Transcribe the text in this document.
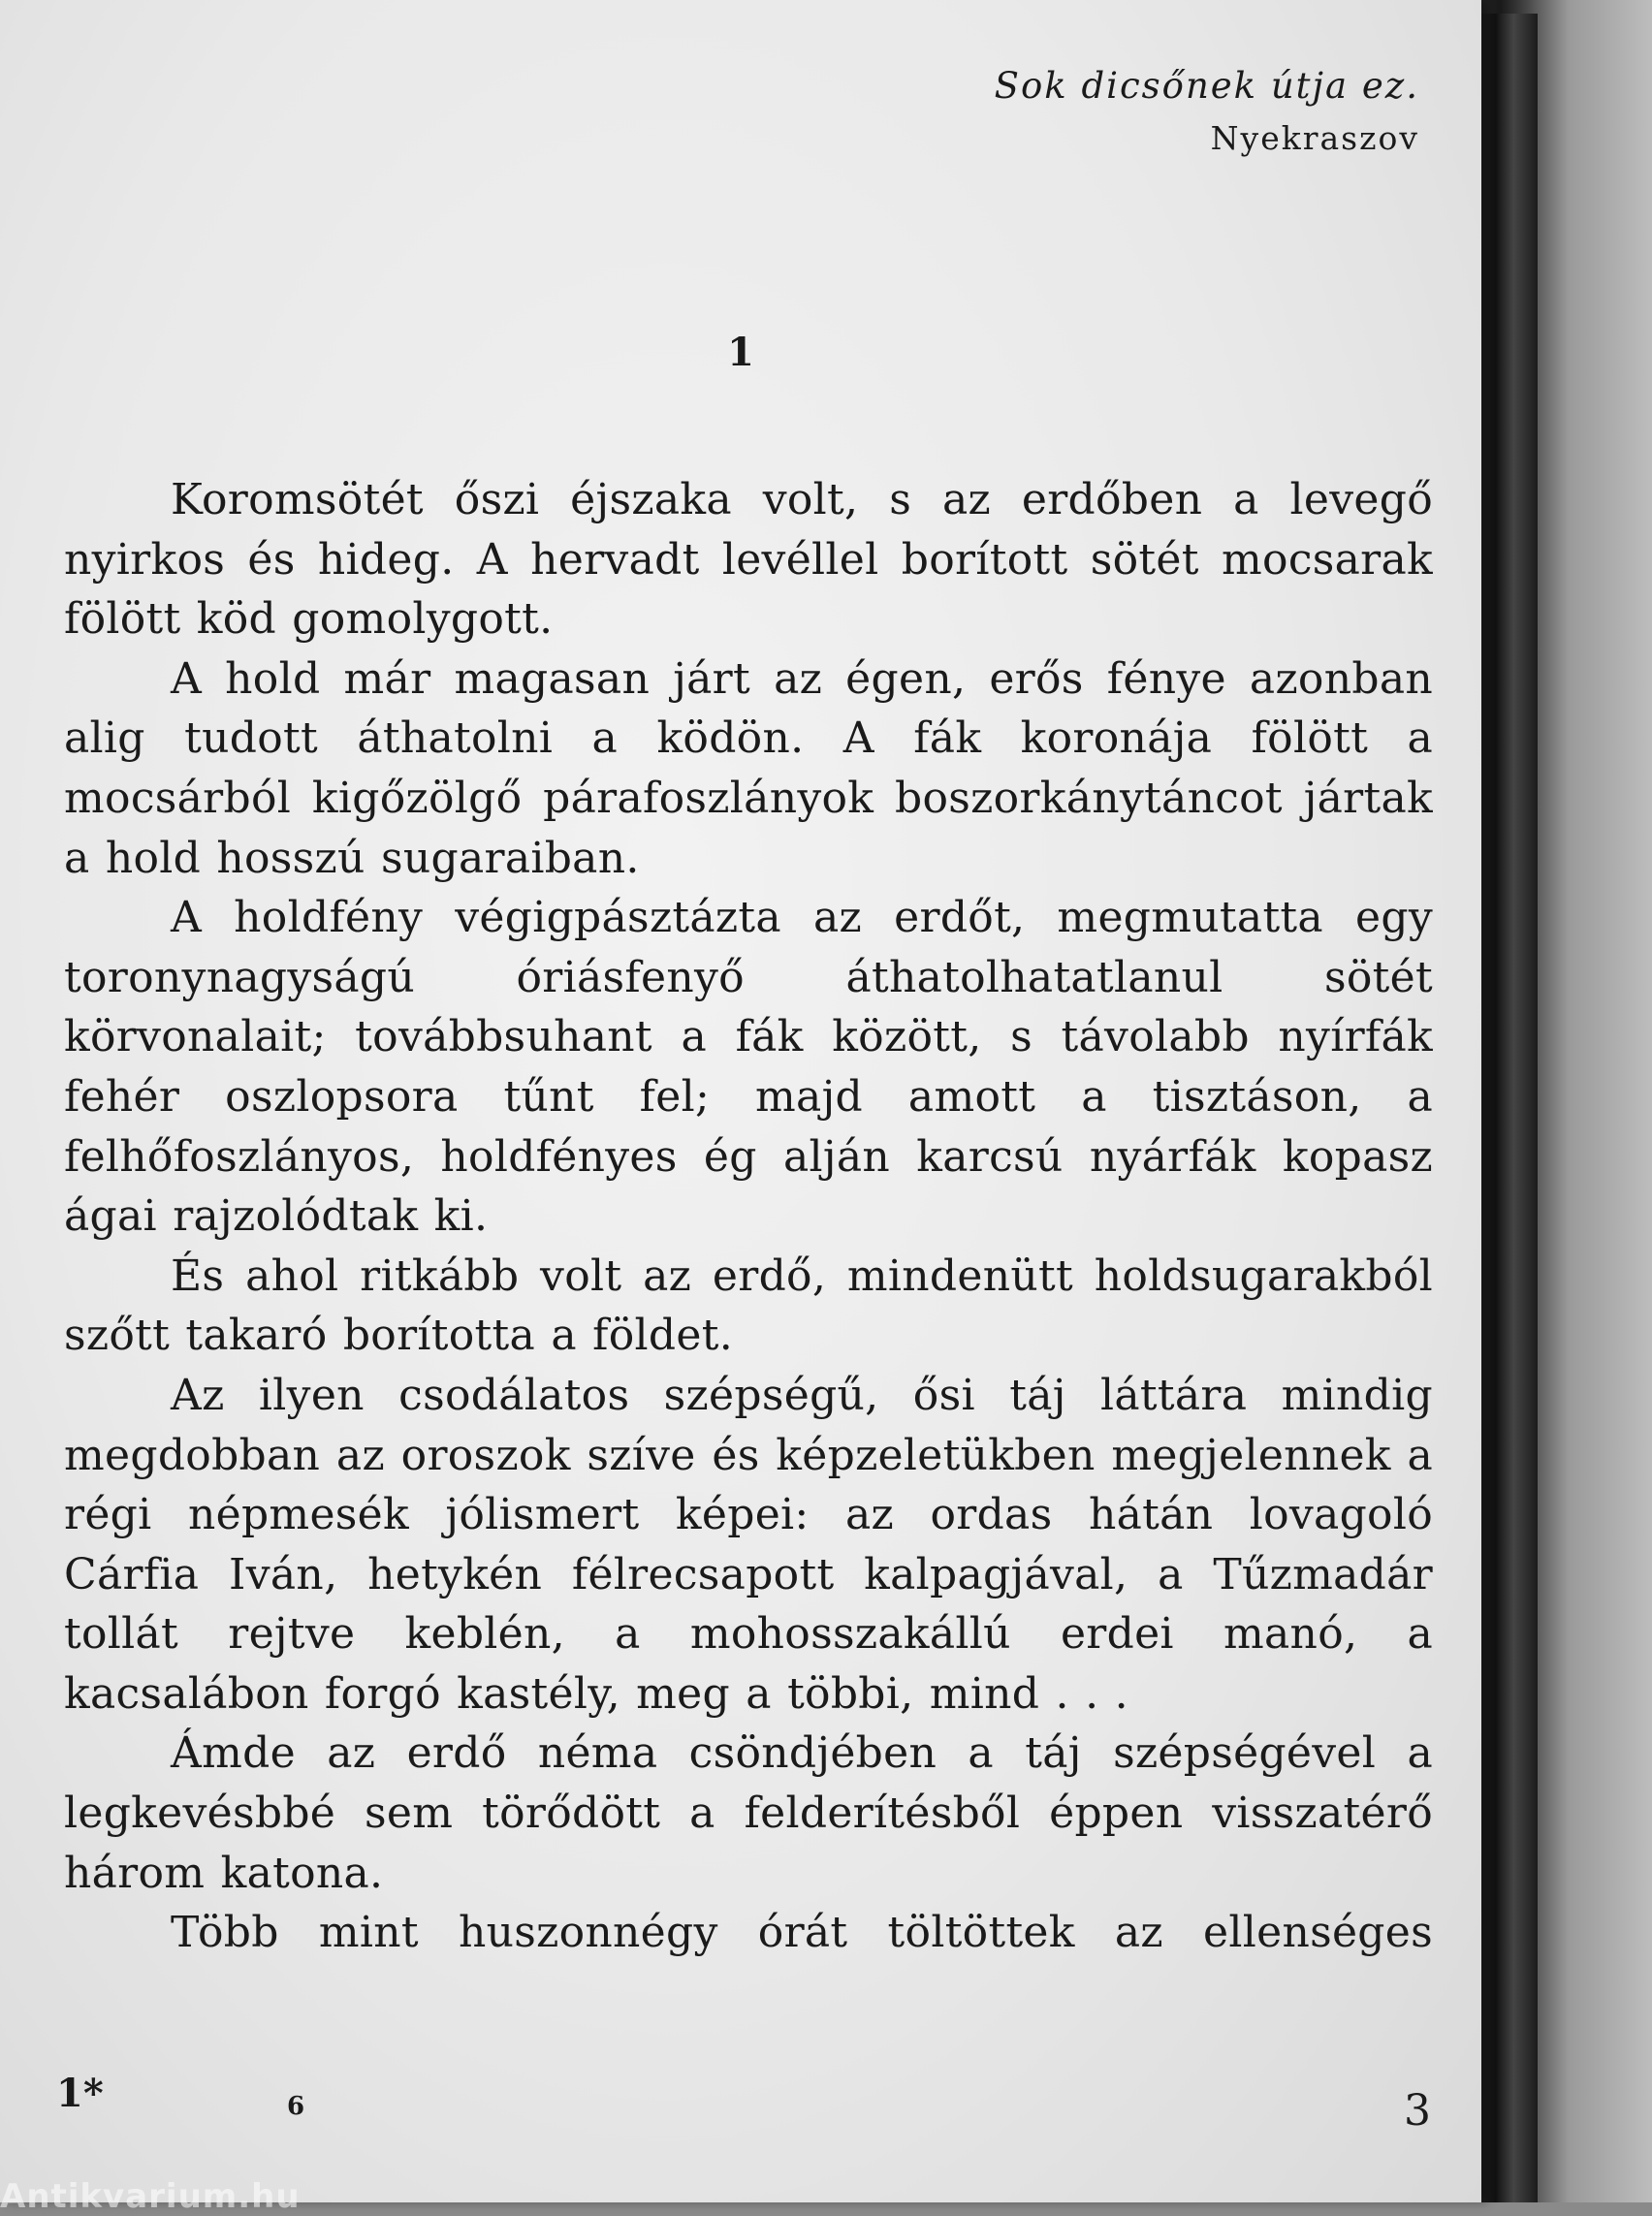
Sok dicsőnek útja ez.
Nyekraszov
1

Koromsötét őszi éjszaka volt, s az erdőben a levegő nyirkos és hideg. A hervadt levéllel borított sötét mocsarak fölött köd gomolygott.

A hold már magasan járt az égen, erős fénye azonban alig tudott áthatolni a ködön. A fák koronája fölött a mocsárból kigőzölgő párafoszlányok boszorkánytáncot jártak a hold hosszú sugaraiban.

A holdfény végigpásztázta az erdőt, megmutatta egy toronynagyságú óriásfenyő áthatolhatatlanul sötét körvonalait; továbbsuhant a fák között, s távolabb nyírfák fehér oszlopsora tűnt fel; majd amott a tisztáson, a felhőfoszlányos, holdfényes ég alján karcsú nyárfák kopasz ágai rajzolódtak ki.

És ahol ritkább volt az erdő, mindenütt holdsugarakból szőtt takaró borította a földet.

Az ilyen csodálatos szépségű, ősi táj láttára mindig megdobban az oroszok szíve és képzeletükben megjelennek a régi népmesék jólismert képei: az ordas hátán lovagoló Cárfia Iván, hetykén félrecsapott kalpagjával, a Tűzmadár tollát rejtve keblén, a mohosszakállú erdei manó, a kacsalábon forgó kastély, meg a többi, mind . . .

Ámde az erdő néma csöndjében a táj szépségével a legkevésbbé sem törődött a felderítésből éppen visszatérő három katona.

Több mint huszonnégy órát töltöttek az ellenséges

1*	6	3
Antikvarium.hu
